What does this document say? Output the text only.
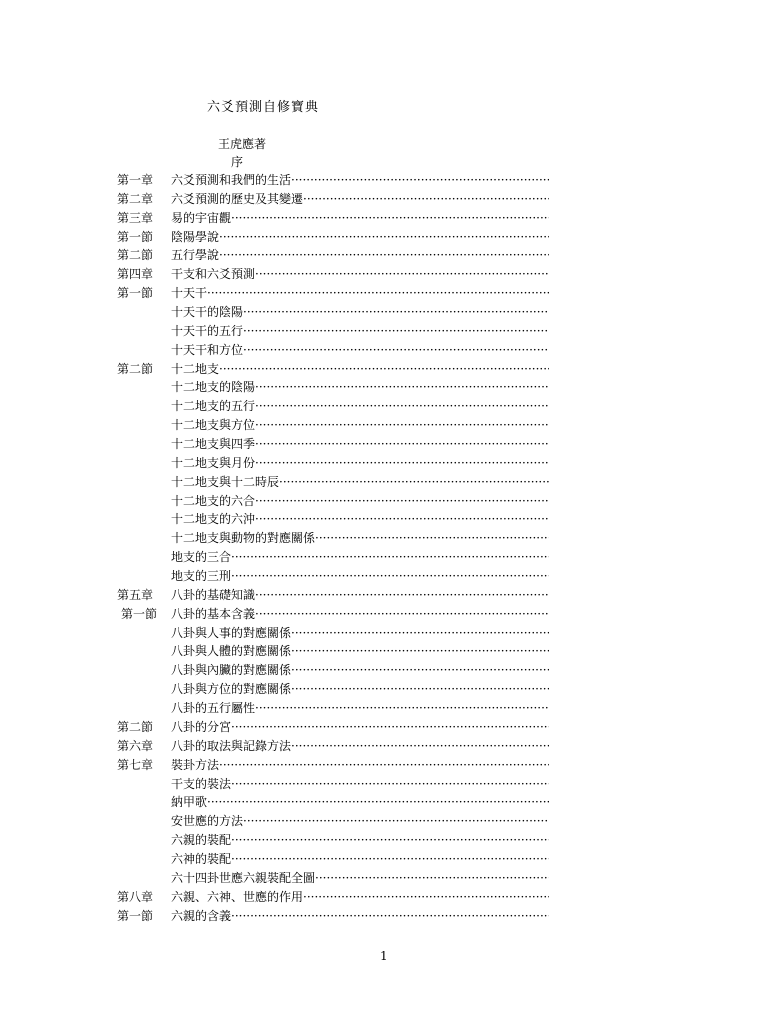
六爻預測自修寶典
王虎應著
序
第一章 六爻預測和我們的生活 ·····
第二章 六爻預測的歷史及其變遷 ·····
第三章 易的宇宙觀 ·····
第一節 陰陽學說 ·····
第二節 五行學說 ·····
第四章 干支和六爻預測 ·····
第一節 十天干 ·····
十天干的陰陽 ·····
十天干的五行 ·····
十天干和方位 ·····
第二節 十二地支 ·····
十二地支的陰陽 ·····
十二地支的五行 ·····
十二地支與方位 ·····
十二地支與四季 ·····
十二地支與月份 ·····
十二地支與十二時辰 ·····
十二地支的六合 ·····
十二地支的六沖 ·····
十二地支與動物的對應關係 ·····
地支的三合 ·····
地支的三刑 ·····
第五章 八卦的基礎知識 ·····
第一節 八卦的基本含義 ·····
八卦與人事的對應關係 ·····
八卦與人體的對應關係 ·····
八卦與內臟的對應關係 ·····
八卦與方位的對應關係 ·····
八卦的五行屬性 ·····
第二節 八卦的分宮 ·····
第六章 八卦的取法與記錄方法 ·····
第七章 裝卦方法 ·····
干支的裝法 ·····
納甲歌 ·····
安世應的方法 ·····
六親的裝配 ·····
六神的裝配 ·····
六十四卦世應六親裝配全圖 ·····
第八章 六親、六神、世應的作用 ·····
第一節 六親的含義 ·····
1
